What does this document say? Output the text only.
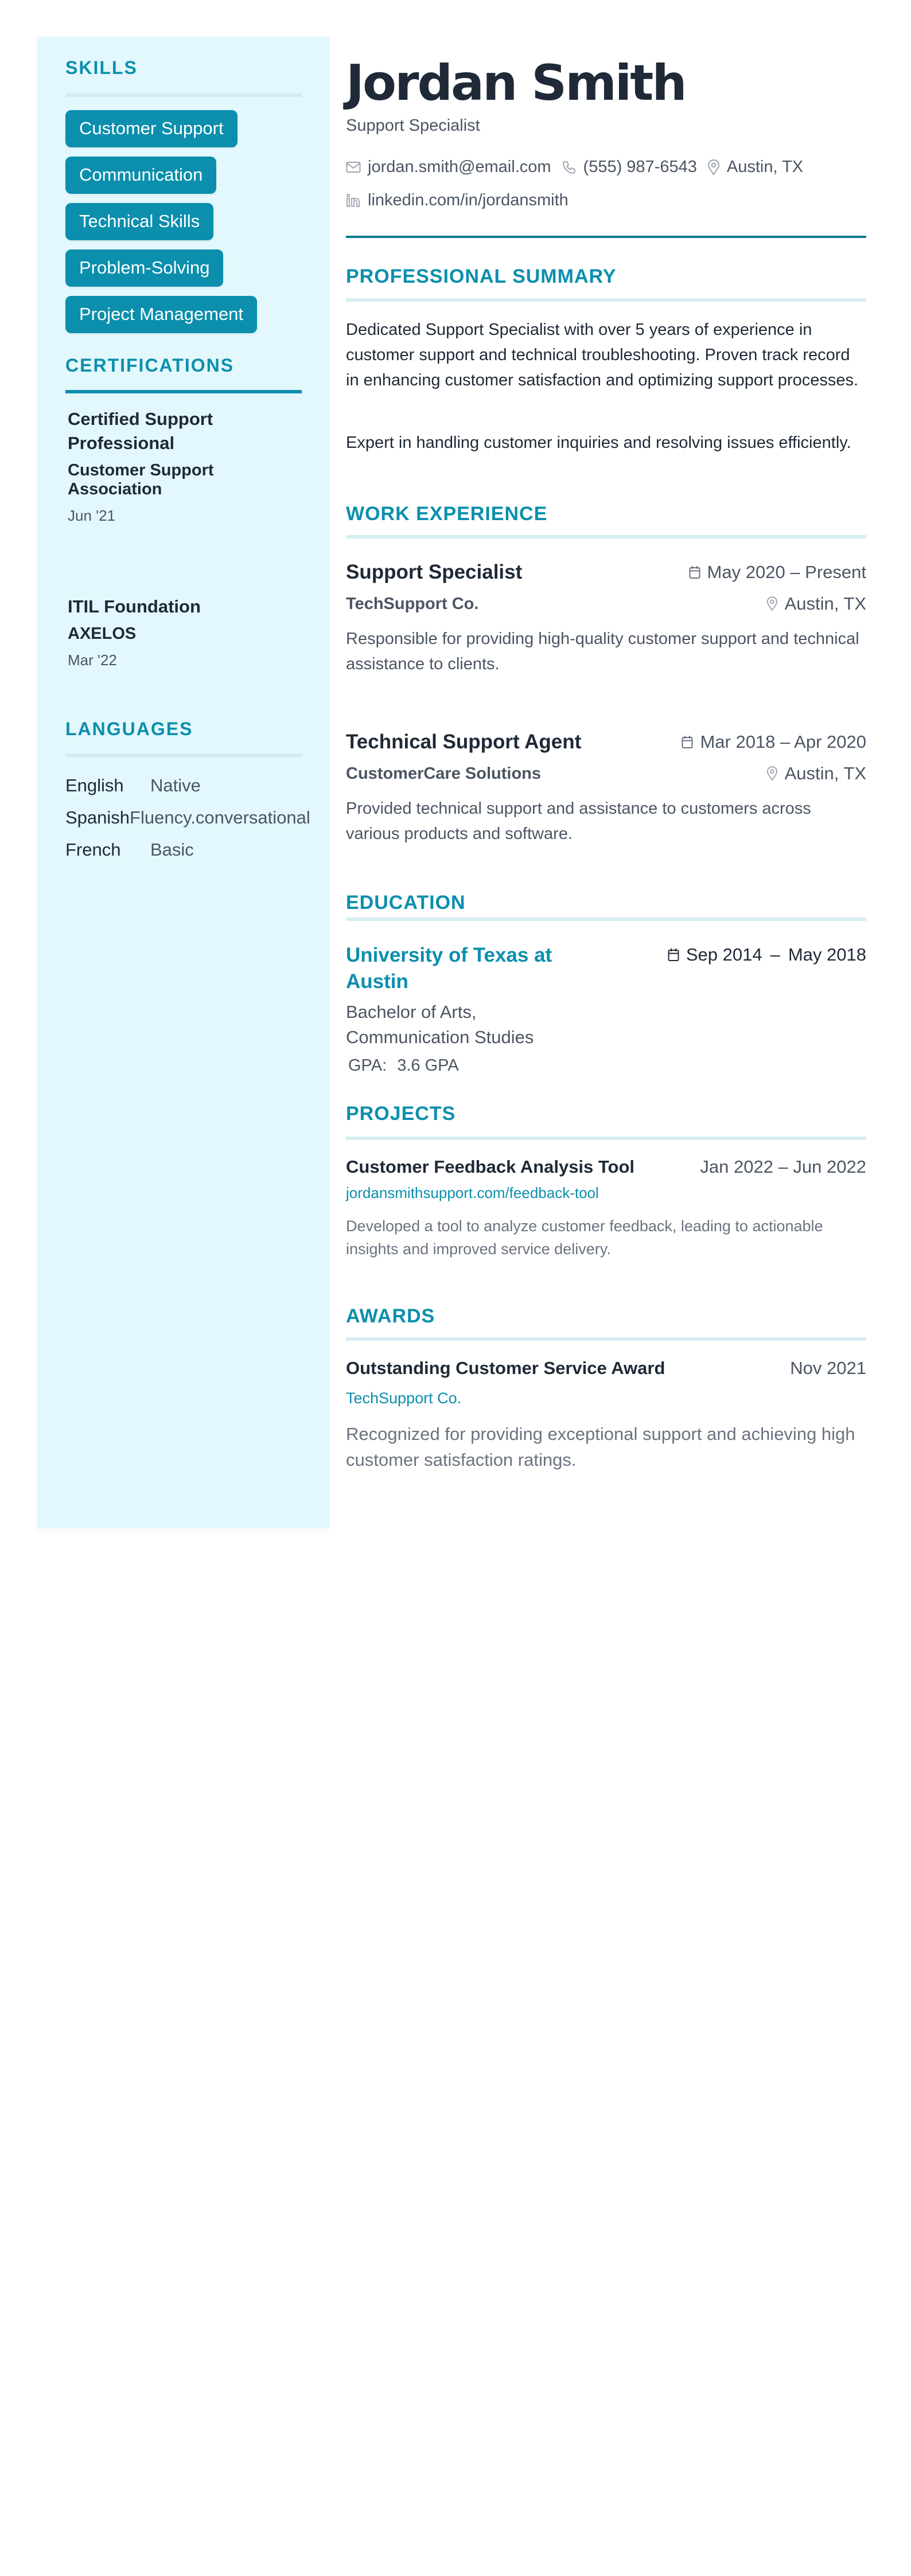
SKILLS
Customer Support
Communication
Technical Skills
Problem-Solving
Project Management
CERTIFICATIONS
Certified Support Professional
Customer Support Association
Jun '21
ITIL Foundation
AXELOS
Mar '22
LANGUAGES
English	Native
Spanish Fluency.conversational
French	Basic
Jordan Smith
Support Specialist
jordan.smith@email.com (555) 987-6543 Austin, TX
linkedin.com/in/jordansmith
PROFESSIONAL SUMMARY

Dedicated Support Specialist with over 5 years of experience in customer support and technical troubleshooting. Proven track record in enhancing customer satisfaction and optimizing support processes.

Expert in handling customer inquiries and resolving issues efficiently.

WORK EXPERIENCE
Support Specialist	May 2020 – Present
TechSupport Co.	Austin, TX

Responsible for providing high-quality customer support and technical assistance to clients.

Technical Support Agent	Mar 2018 – Apr 2020
CustomerCare Solutions	Austin, TX

Provided technical support and assistance to customers across various products and software.

EDUCATION
University of Texas at Austin
Sep 2014 – May 2018
Bachelor of Arts, Communication Studies
GPA: 3.6 GPA
PROJECTS
Customer Feedback Analysis Tool	Jan 2022 – Jun 2022
jordansmithsupport.com/feedback-tool

Developed a tool to analyze customer feedback, leading to actionable insights and improved service delivery.

AWARDS
Outstanding Customer Service Award	Nov 2021
TechSupport Co.

Recognized for providing exceptional support and achieving high customer satisfaction ratings.
